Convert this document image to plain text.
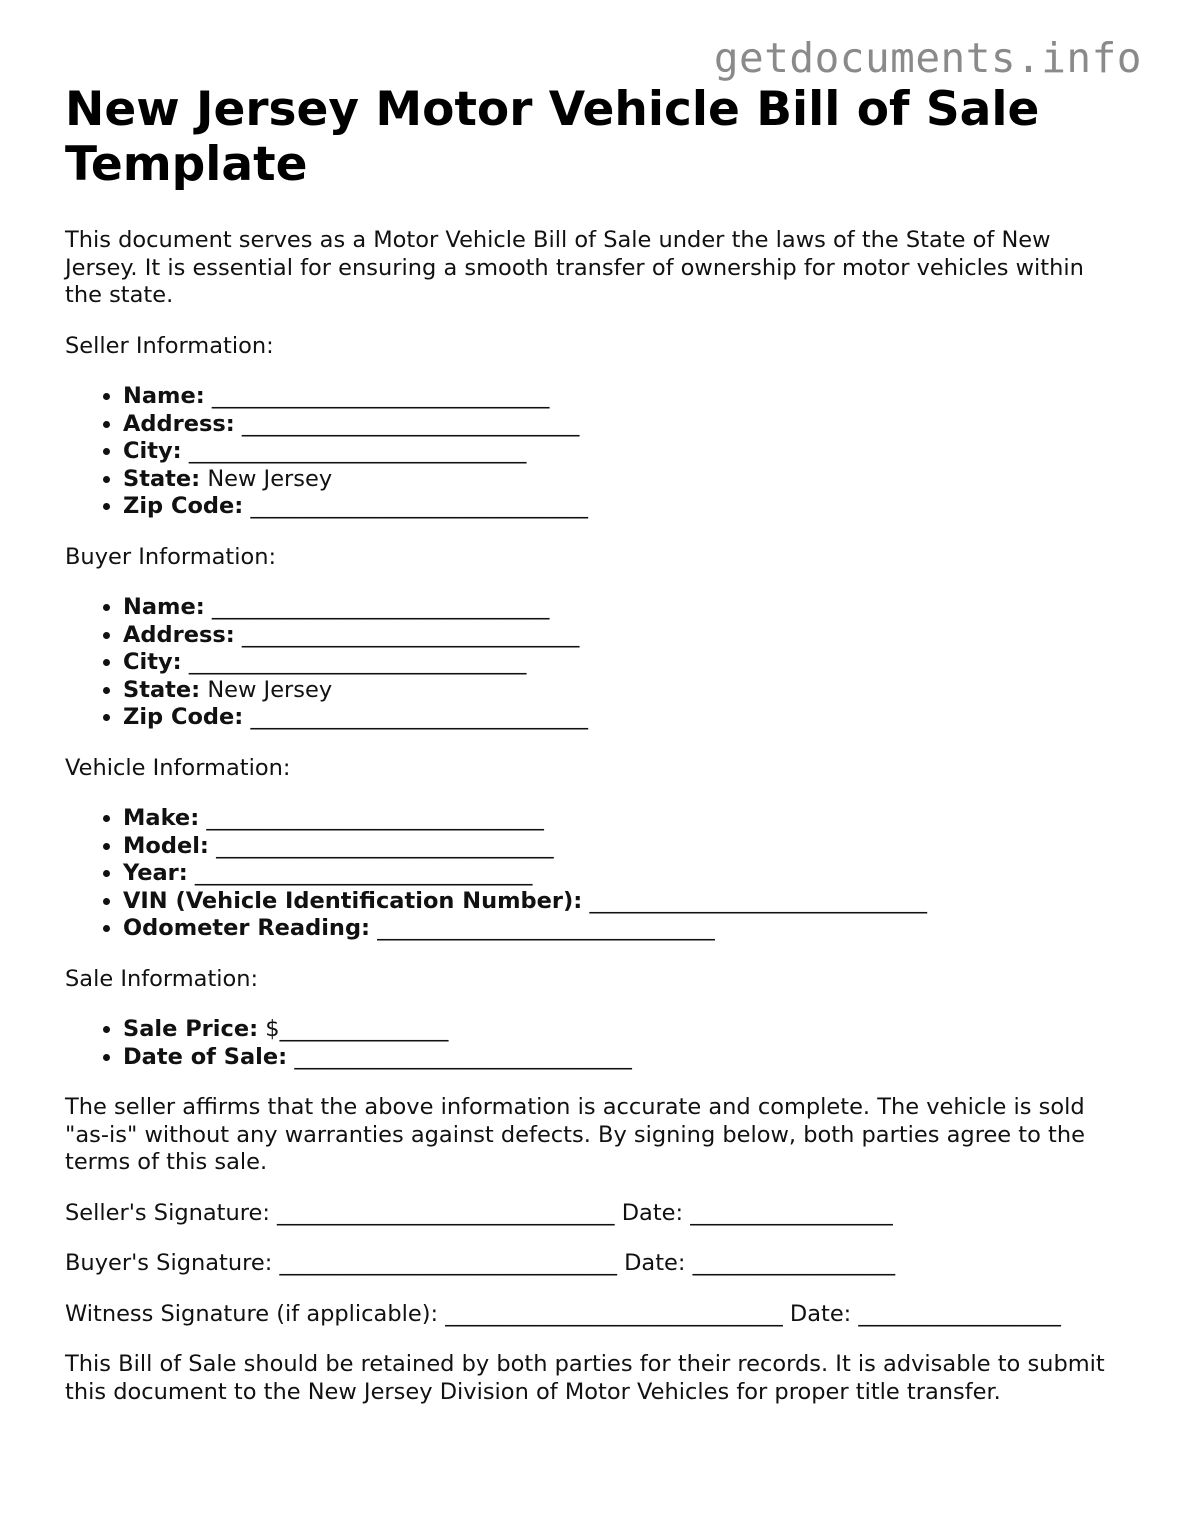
getdocuments.info
New Jersey Motor Vehicle Bill of Sale Template

This document serves as a Motor Vehicle Bill of Sale under the laws of the State of New Jersey. It is essential for ensuring a smooth transfer of ownership for motor vehicles within the state.

Seller Information:

• Name: ______________________________
• Address: ______________________________
• City: ______________________________
• State: New Jersey
• Zip Code: ______________________________

Buyer Information:

• Name: ______________________________
• Address: ______________________________
• City: ______________________________
• State: New Jersey
• Zip Code: ______________________________

Vehicle Information:

• Make: ______________________________
• Model: ______________________________
• Year: ______________________________
• VIN (Vehicle Identification Number): ______________________________
• Odometer Reading: ______________________________

Sale Information:

• Sale Price: $_______________
• Date of Sale: ______________________________

The seller affirms that the above information is accurate and complete. The vehicle is sold "as-is" without any warranties against defects. By signing below, both parties agree to the terms of this sale.

Seller's Signature: ______________________________ Date: __________________

Buyer's Signature: ______________________________ Date: __________________

Witness Signature (if applicable): ______________________________ Date: __________________

This Bill of Sale should be retained by both parties for their records. It is advisable to submit this document to the New Jersey Division of Motor Vehicles for proper title transfer.
